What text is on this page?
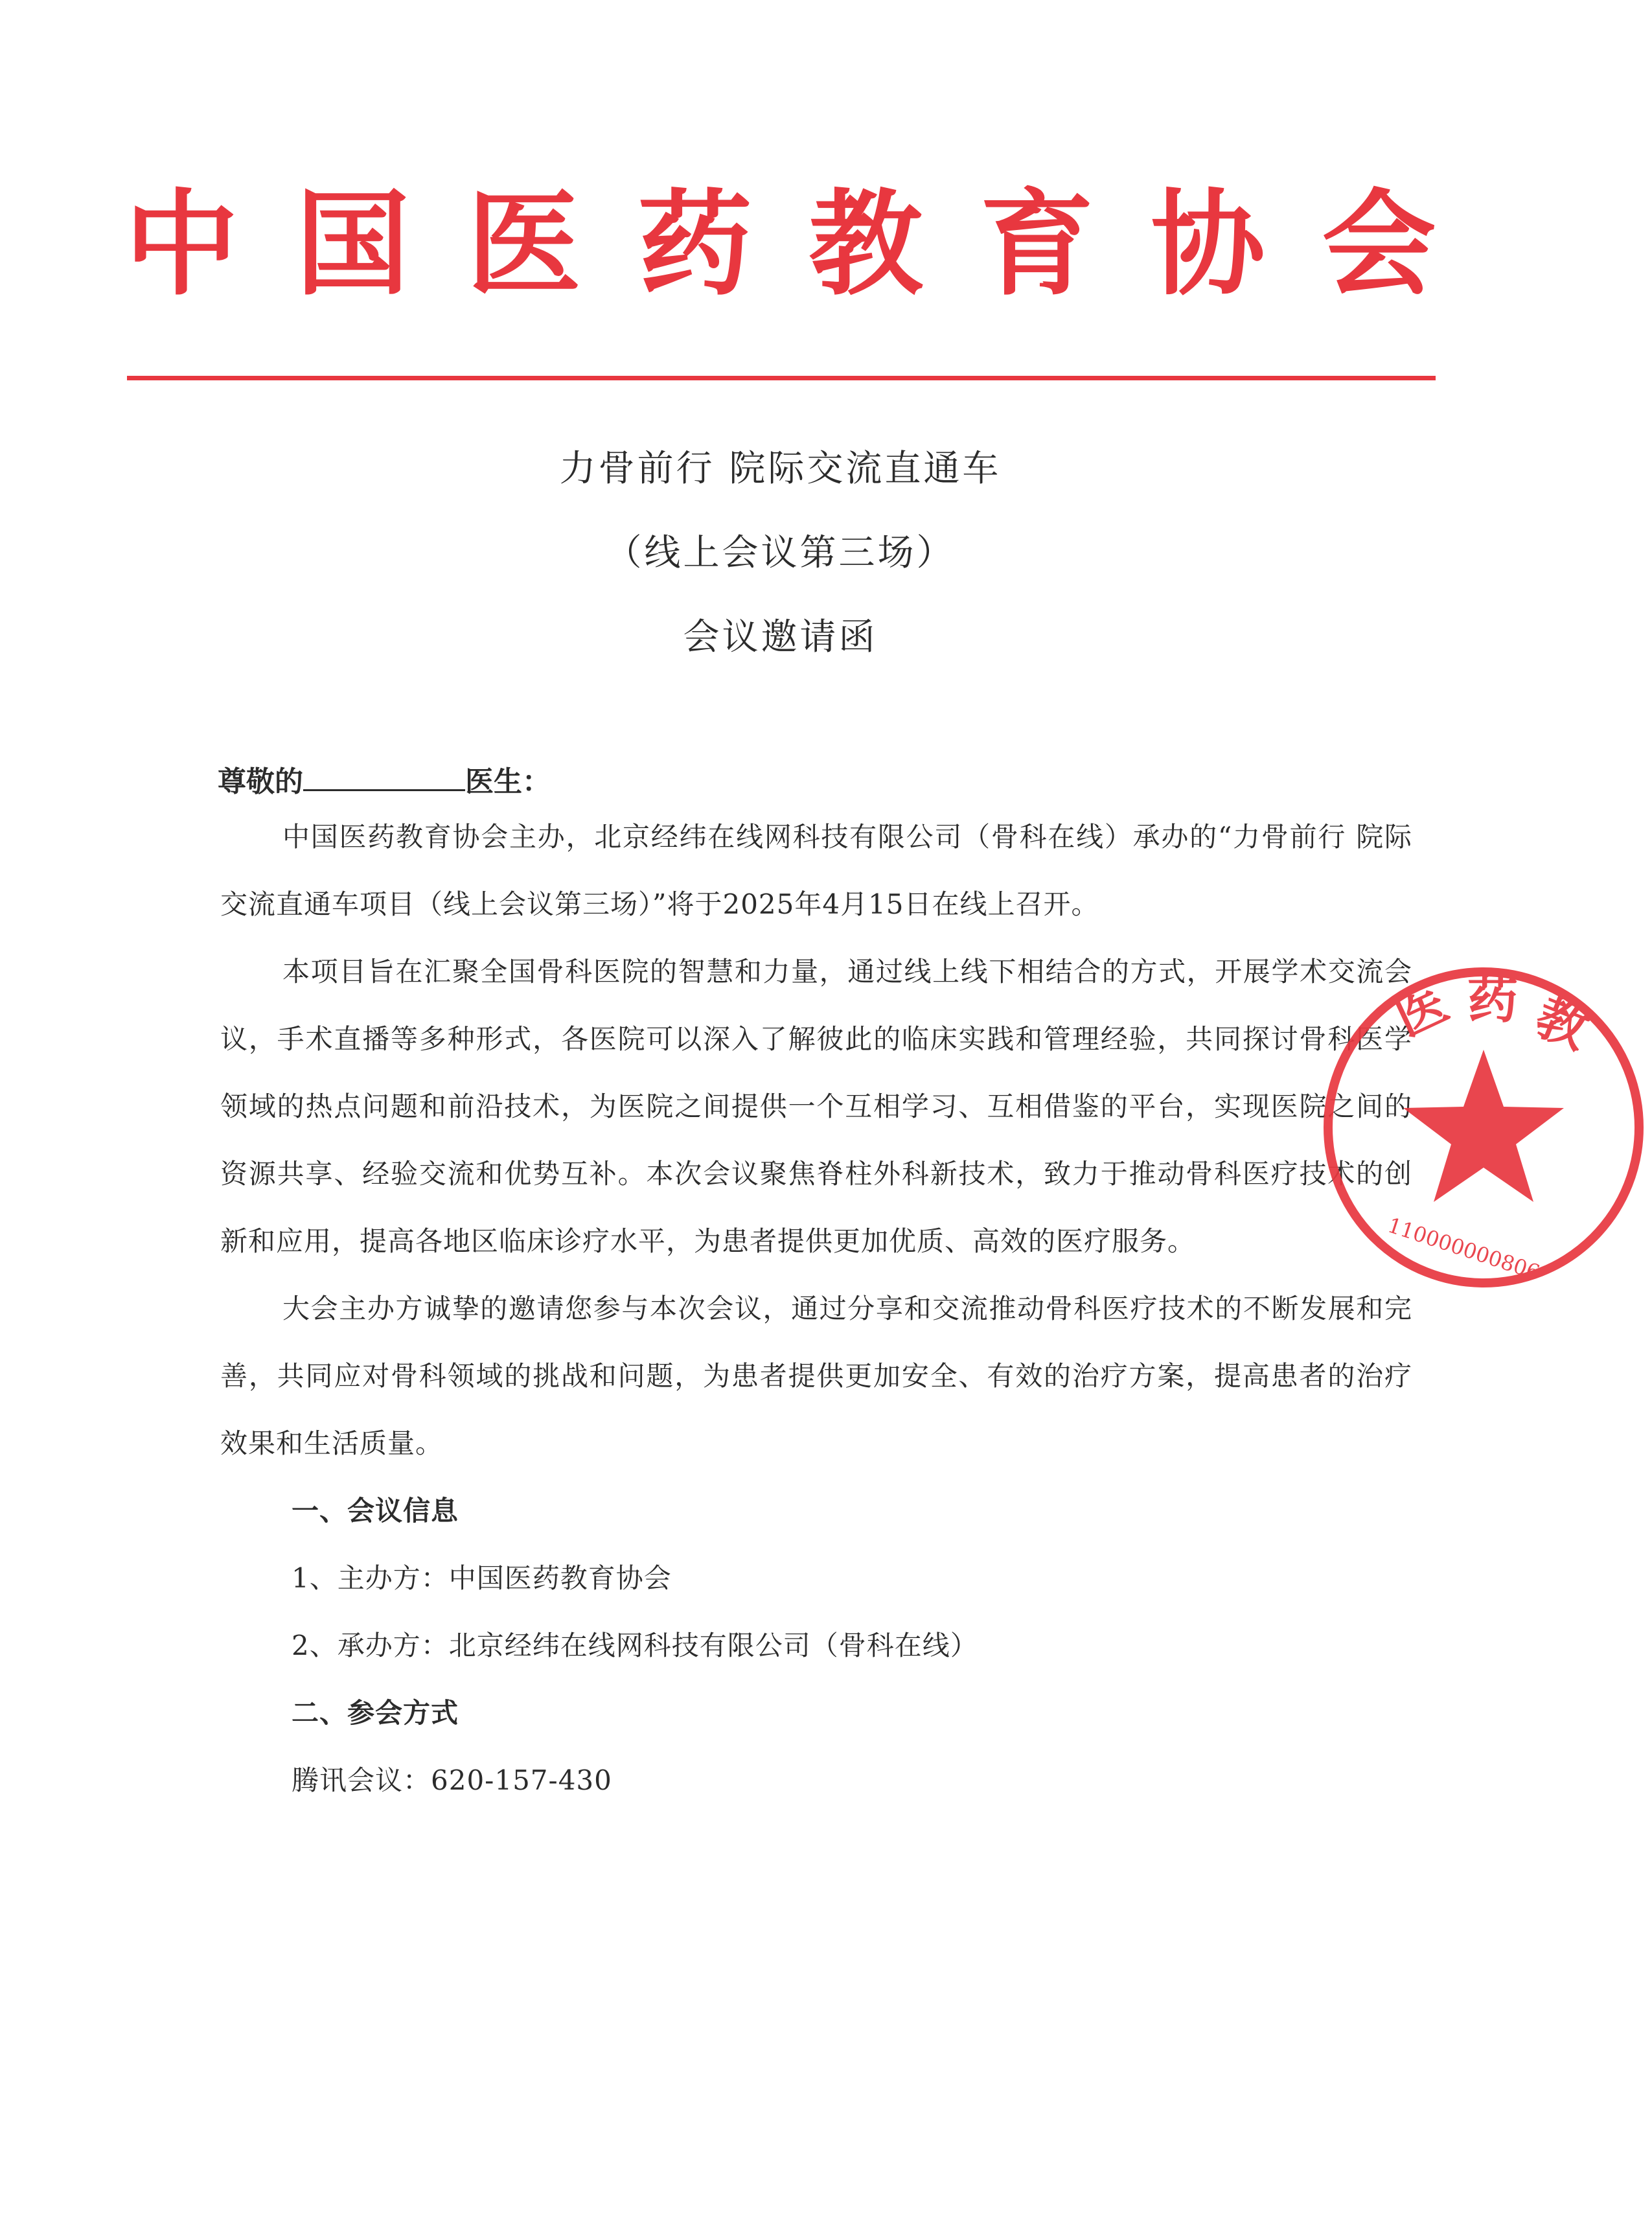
中国医药教育协会
力骨前行 院际交流直通车
（线上会议第三场）
会议邀请函
尊敬的	医生：

中国医药教育协会主办，北京经纬在线网科技有限公司（骨科在线）承办的“力骨前行 院际交流直通车项目（线上会议第三场）”将于2025年4月15日在线上召开。

本项目旨在汇聚全国骨科医院的智慧和力量，通过线上线下相结合的方式，开展学术交流会议，手术直播等多种形式，各医院可以深入了解彼此的临床实践和管理经验，共同探讨骨科医学领域的热点问题和前沿技术，为医院之间提供一个互相学习、互相借鉴的平台，实现医院之间的资源共享、经验交流和优势互补。本次会议聚焦脊柱外科新技术，致力于推动骨科医疗技术的创新和应用，提高各地区临床诊疗水平，为患者提供更加优质、高效的医疗服务。

大会主办方诚挚的邀请您参与本次会议，通过分享和交流推动骨科医疗技术的不断发展和完善，共同应对骨科领域的挑战和问题，为患者提供更加安全、有效的治疗方案，提高患者的治疗效果和生活质量。

一、会议信息

1、主办方：中国医药教育协会

2、承办方：北京经纬在线网科技有限公司（骨科在线）

二、参会方式

腾讯会议：620-157-430

医 药 教
110000000806
